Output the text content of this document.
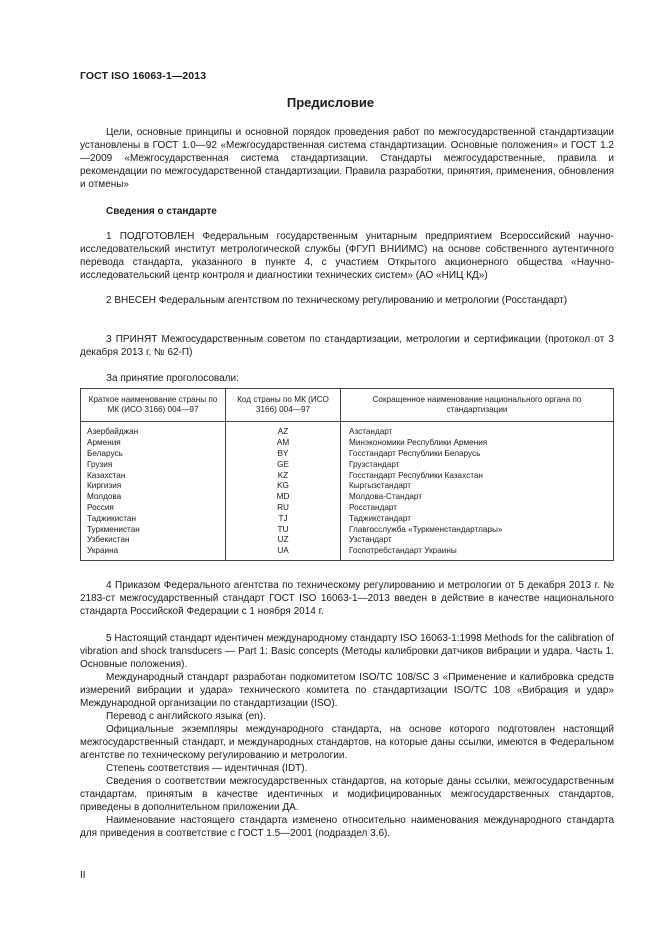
ГОСТ ISO 16063-1—2013
Предисловие

Цели, основные принципы и основной порядок проведения работ по межгосударственной стандартизации установлены в ГОСТ 1.0—92 «Межгосударственная система стандартизации. Основные положения» и ГОСТ 1.2—2009 «Межгосударственная система стандартизации. Стандарты межгосударственные, правила и рекомендации по межгосударственной стандартизации. Правила разработки, принятия, применения, обновления и отмены»

Сведения о стандарте

1 ПОДГОТОВЛЕН Федеральным государственным унитарным предприятием Всероссийский научно-исследовательский институт метрологической службы (ФГУП ВНИИМС) на основе собственного аутентичного перевода стандарта, указанного в пункте 4, с участием Открытого акционерного общества «Научно-исследовательский центр контроля и диагностики технических систем» (АО «НИЦ КД»)

2 ВНЕСЕН Федеральным агентством по техническому регулированию и метрологии (Росстандарт)

3 ПРИНЯТ Межгосударственным советом по стандартизации, метрологии и сертификации (протокол от 3 декабря 2013 г. № 62-П)

За принятие проголосовали:

Краткое наименование страны по МК (ИСО 3166) 004—97	Код страны по МК (ИСО 3166) 004—97	Сокращенное наименование национального органа по стандартизации
Азербайджан	AZ	Азстандарт
Армения	AM	Минэкономики Республики Армения
Беларусь	BY	Госстандарт Республики Беларусь
Грузия	GE	Грузстандарт
Казахстан	KZ	Госстандарт Республики Казахстан
Киргизия	KG	Кыргызстандарт
Молдова	MD	Молдова-Стандарт
Россия	RU	Росстандарт
Таджикистан	TJ	Таджикстандарт
Туркменистан	TU	Главгосслужба «Туркменстандартлары»
Узбекистан	UZ	Узстандарт
Украина	UA	Госпотребстандарт Украины

4 Приказом Федерального агентства по техническому регулированию и метрологии от 5 декабря 2013 г. № 2183-ст межгосударственный стандарт ГОСТ ISO 16063-1—2013 введен в действие в качестве национального стандарта Российской Федерации с 1 ноября 2014 г.

5 Настоящий стандарт идентичен международному стандарту ISO 16063-1:1998 Methods for the calibration of vibration and shock transducers — Part 1: Basic concepts (Методы калибровки датчиков вибрации и удара. Часть 1. Основные положения).

Международный стандарт разработан подкомитетом ISO/TC 108/SC 3 «Применение и калибровка средств измерений вибрации и удара» технического комитета по стандартизации ISO/TC 108 «Вибрация и удар» Международной организации по стандартизации (ISO).

Перевод с английского языка (en).

Официальные экземпляры международного стандарта, на основе которого подготовлен настоящий межгосударственный стандарт, и международных стандартов, на которые даны ссылки, имеются в Федеральном агентстве по техническому регулированию и метрологии.

Степень соответствия — идентичная (IDT).

Сведения о соответствии межгосударственных стандартов, на которые даны ссылки, межгосударственным стандартам, принятым в качестве идентичных и модифицированных межгосударственных стандартов, приведены в дополнительном приложении ДА.

Наименование настоящего стандарта изменено относительно наименования международного стандарта для приведения в соответствие с ГОСТ 1.5—2001 (подраздел 3.6).

II
